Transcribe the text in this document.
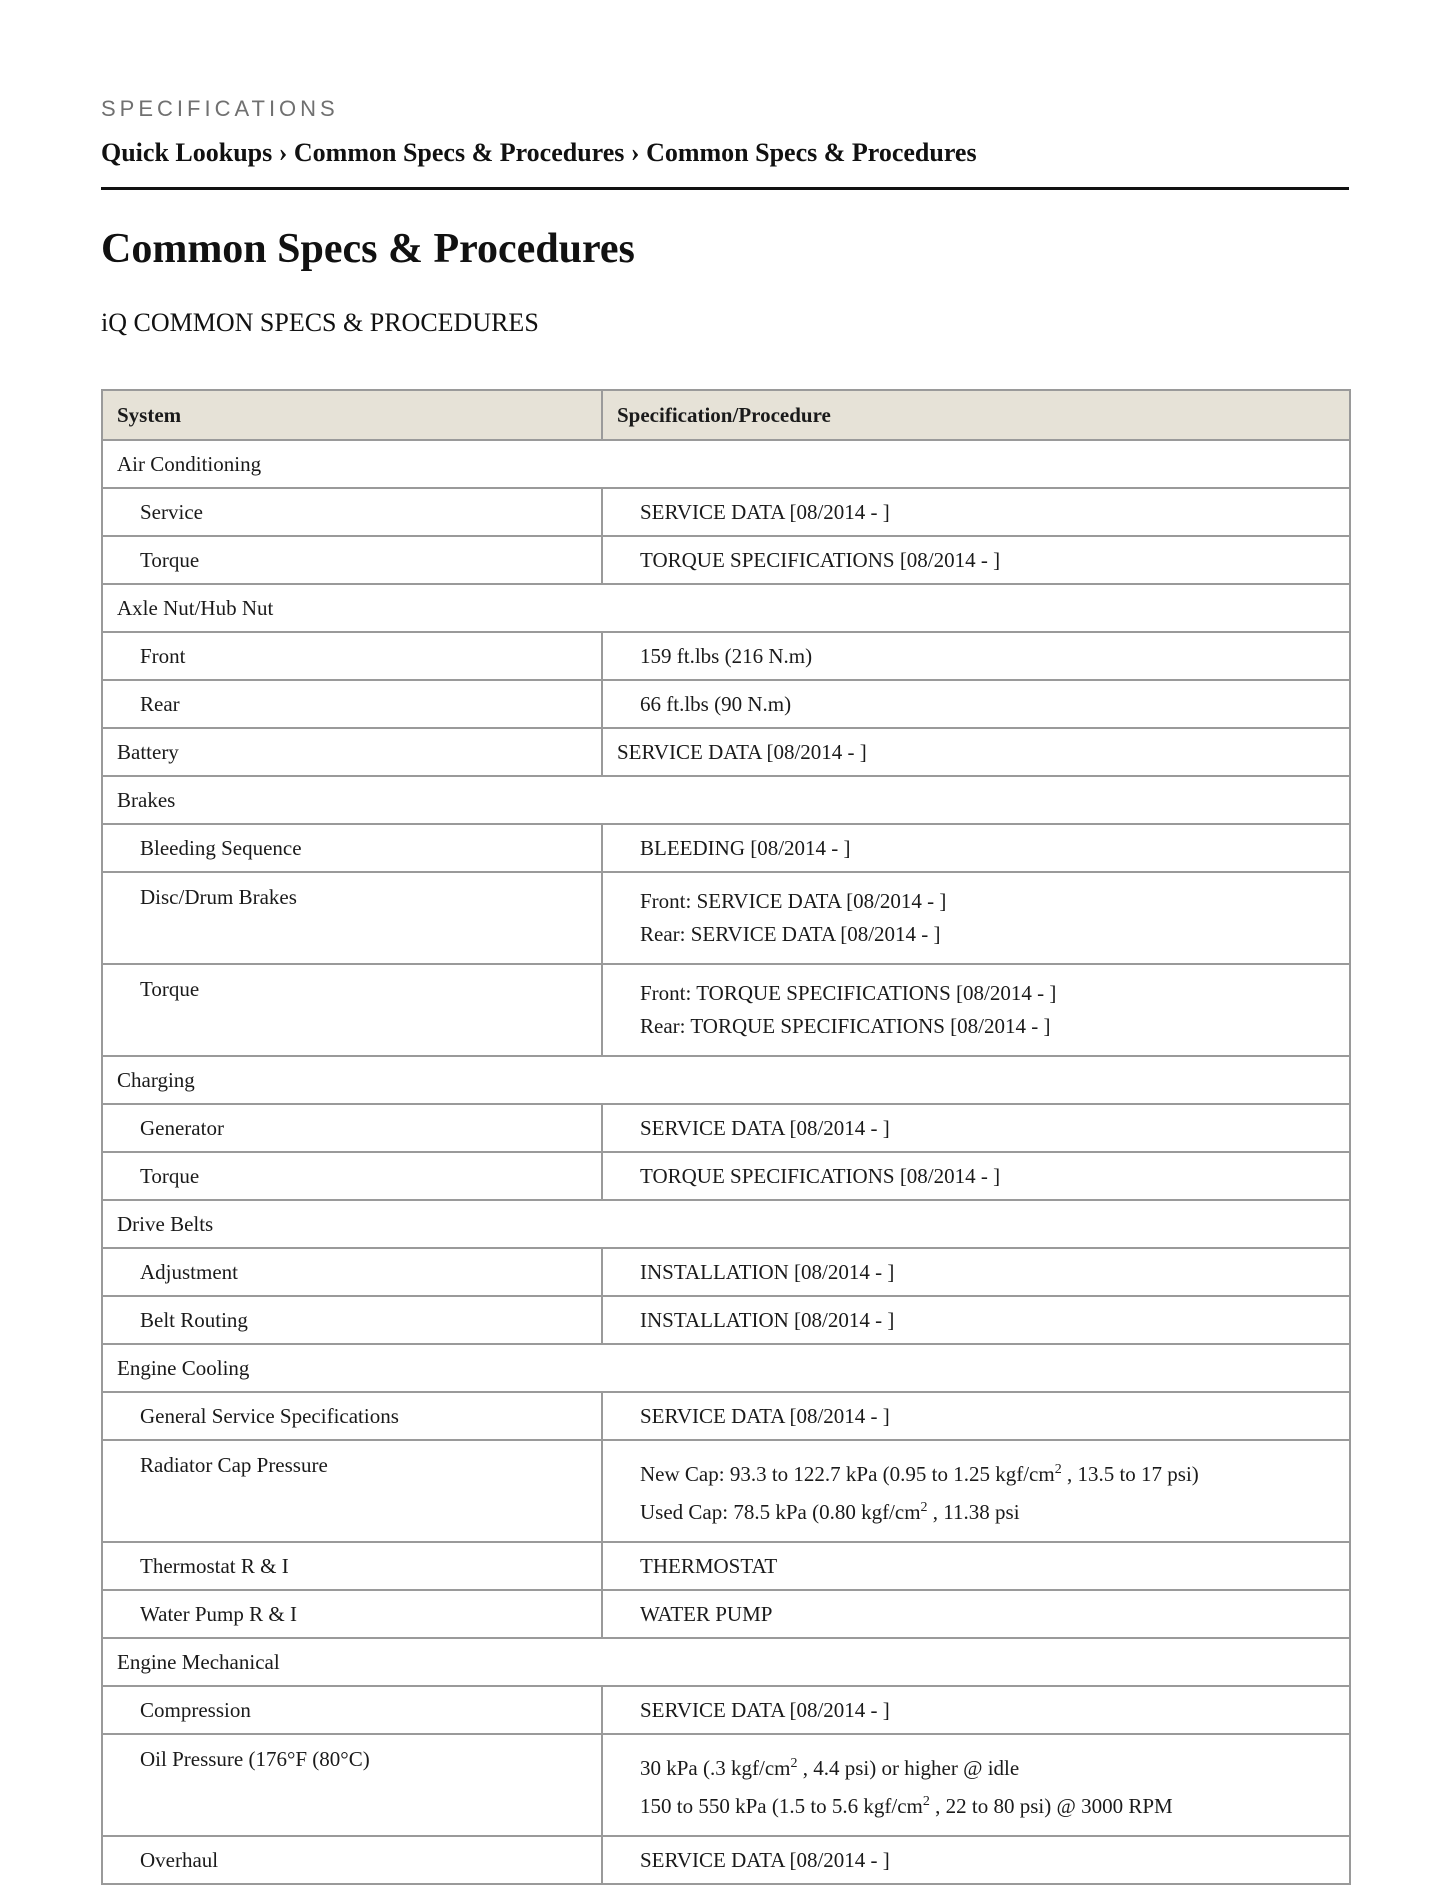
SPECIFICATIONS
Quick Lookups › Common Specs & Procedures › Common Specs & Procedures
Common Specs & Procedures
iQ COMMON SPECS & PROCEDURES
System	Specification/Procedure
Air Conditioning	
Service	SERVICE DATA [08/2014 - ]
Torque	TORQUE SPECIFICATIONS [08/2014 - ]
Axle Nut/Hub Nut	
Front	159 ft.lbs (216 N.m)
Rear	66 ft.lbs (90 N.m)
Battery	SERVICE DATA [08/2014 - ]
Brakes	
Bleeding Sequence	BLEEDING [08/2014 - ]
Disc/Drum Brakes	Front: SERVICE DATA [08/2014 - ]
Rear: SERVICE DATA [08/2014 - ]

Torque	Front: TORQUE SPECIFICATIONS [08/2014 - ]
Rear: TORQUE SPECIFICATIONS [08/2014 - ]

Charging	
Generator	SERVICE DATA [08/2014 - ]
Torque	TORQUE SPECIFICATIONS [08/2014 - ]
Drive Belts	
Adjustment	INSTALLATION [08/2014 - ]
Belt Routing	INSTALLATION [08/2014 - ]
Engine Cooling	
General Service Specifications	SERVICE DATA [08/2014 - ]
Radiator Cap Pressure	New Cap: 93.3 to 122.7 kPa (0.95 to 1.25 kgf/$cm^2$ , 13.5 to 17 psi)
Used Cap: 78.5 kPa (0.80 kgf/$cm^2$ , 11.38 psi

Thermostat R & I	THERMOSTAT
Water Pump R & I	WATER PUMP
Engine Mechanical	
Compression	SERVICE DATA [08/2014 - ]
Oil Pressure (176°F (80°C)	30 kPa (.3 kgf/$cm^2$ , 4.4 psi) or higher @ idle
150 to 550 kPa (1.5 to 5.6 kgf/$cm^2$ , 22 to 80 psi) @ 3000 RPM

Overhaul	SERVICE DATA [08/2014 - ]
